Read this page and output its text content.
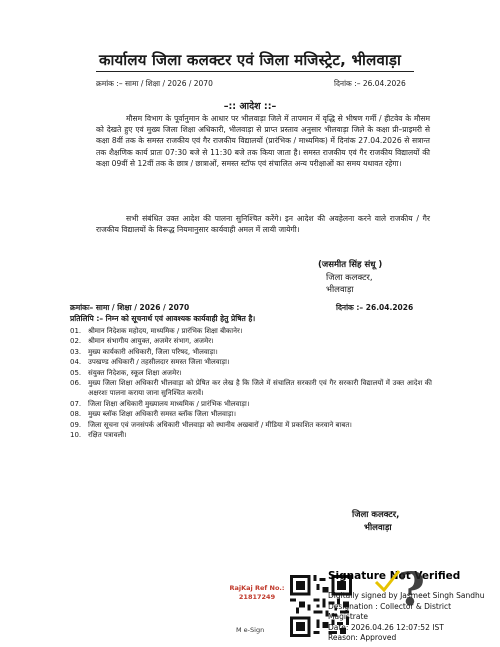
कार्यालय जिला कलक्टर एवं जिला मजिस्ट्रेट, भीलवाड़ा
क्रमांक :– सामा / शिक्षा / 2026 / 2070	दिनांक :– 26.04.2026
–:: आदेश ::–
मौसम विभाग के पूर्वानुमान के आधार पर भीलवाड़ा जिले में तापमान में वृद्धि से भीषण गर्मी / हीटवेव के मौसम को देखते हुए एवं मुख्य जिला शिक्षा अधिकारी, भीलवाड़ा से प्राप्त प्रस्ताव अनुसार भीलवाड़ा जिले के कक्षा प्री–प्राइमरी से कक्षा 8वीं तक के समस्त राजकीय एवं गैर राजकीय विद्यालयों (प्रारंभिक / माध्यमिक) में दिनांक 27.04.2026 से सत्रान्त तक शैक्षणिक कार्य प्रातः 07:30 बजे से 11:30 बजे तक किया जाता है। समस्त राजकीय एवं गैर राजकीय विद्यालयों की कक्षा 09वीं से 12वीं तक के छात्र / छात्राओं, समस्त स्टॉफ एवं संचालित अन्य परीक्षाओं का समय यथावत रहेगा।
सभी संबंधित उक्त आदेश की पालना सुनिश्चित करेंगे। इन आदेश की अवहेलना करने वाले राजकीय / गैर राजकीय विद्यालयों के विरूद्ध नियमानुसार कार्यवाही अमल में लायी जायेगी।
(जसमीत सिंह संधू )
जिला कलक्टर,
भीलवाड़ा
क्रमांकः– सामा / शिक्षा / 2026 / 2070	दिनांक :– 26.04.2026
प्रतिलिपि :– निम्न को सूचनार्थ एवं आवश्यक कार्यवाही हेतु प्रेषित है।
01. श्रीमान निदेशक महोदय, माध्यमिक / प्रारंभिक शिक्षा बीकानेर।
02. श्रीमान संभागीय आयुक्त, अजमेर संभाग, अजमेर।
03. मुख्य कार्यकारी अधिकारी, जिला परिषद, भीलवाड़ा।
04. उपखण्ड अधिकारी / तहसीलदार समस्त जिला भीलवाड़ा।
05. संयुक्त निदेशक, स्कूल शिक्षा अजमेर।
06. मुख्य जिला शिक्षा अधिकारी भीलवाड़ा को प्रेषित कर लेख है कि जिले में संचालित सरकारी एवं गैर सरकारी विद्यालयों में उक्त आदेश की अक्षरशः पालना कराया जाना सुनिश्चित करावें।
07. जिला शिक्षा अधिकारी मुख्यालय माध्यमिक / प्रारंभिक भीलवाड़ा।
08. मुख्य ब्लॉक शिक्षा अधिकारी समस्त ब्लॉक जिला भीलवाड़ा।
09. जिला सूचना एवं जनसंपर्क अधिकारी भीलवाड़ा को स्थानीय अखबारों / मीडिया में प्रकाशित करवाने बाबत।
10. रक्षित पत्रावली।
जिला कलक्टर,
भीलवाड़ा
RajKaj Ref No.:
21817249
M e-Sign
Signature Not Verified
?
Digitally signed by Jasmeet Singh Sandhu
Designation : Collector & District Magistrate
Date: 2026.04.26 12:07:52 IST
Reason: Approved
